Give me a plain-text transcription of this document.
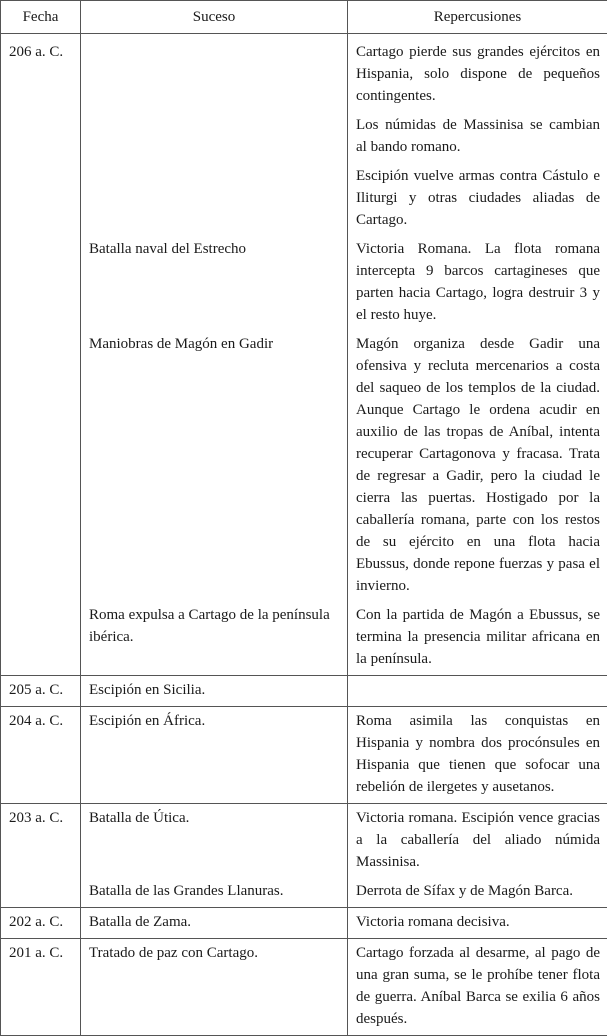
Fecha	Suceso	Repercusiones
206 a. C.		Cartago pierde sus grandes ejércitos en Hispania, solo dispone de pequeños contingentes.
		Los númidas de Massinisa se cambian al bando romano.
		Escipión vuelve armas contra Cástulo e Iliturgi y otras ciudades aliadas de Cartago.
	Batalla naval del Estrecho	Victoria Romana. La flota romana intercepta 9 barcos cartagineses que parten hacia Cartago, logra destruir 3 y el resto huye.
	Maniobras de Magón en Gadir	Magón organiza desde Gadir una ofensiva y recluta mercenarios a costa del saqueo de los templos de la ciudad. Aunque Cartago le ordena acudir en auxilio de las tropas de Aníbal, intenta recuperar Cartagonova y fracasa. Trata de regresar a Gadir, pero la ciudad le cierra las puertas. Hostigado por la caballería romana, parte con los restos de su ejército en una flota hacia Ebussus, donde repone fuerzas y pasa el invierno.
	Roma expulsa a Cartago de la península ibérica.	Con la partida de Magón a Ebussus, se termina la presencia militar africana en la península.
205 a. C.	Escipión en Sicilia.	
204 a. C.	Escipión en África.	Roma asimila las conquistas en Hispania y nombra dos procónsules en Hispania que tienen que sofocar una rebelión de ilergetes y ausetanos.
203 a. C.	Batalla de Útica.	Victoria romana. Escipión vence gracias a la caballería del aliado númida Massinisa.
	Batalla de las Grandes Llanuras.	Derrota de Sífax y de Magón Barca.
202 a. C.	Batalla de Zama.	Victoria romana decisiva.
201 a. C.	Tratado de paz con Cartago.	Cartago forzada al desarme, al pago de una gran suma, se le prohíbe tener flota de guerra. Aníbal Barca se exilia 6 años después.
